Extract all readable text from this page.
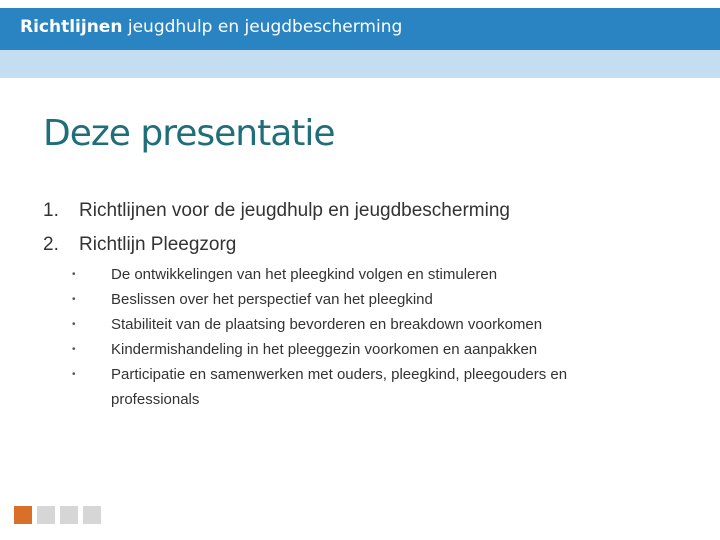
Richtlijnen jeugdhulp en jeugdbescherming
Deze presentatie
1. Richtlijnen voor de jeugdhulp en jeugdbescherming
2. Richtlijn Pleegzorg
•	De ontwikkelingen van het pleegkind volgen en stimuleren
•	Beslissen over het perspectief van het pleegkind
•	Stabiliteit van de plaatsing bevorderen en breakdown voorkomen
•	Kindermishandeling in het pleeggezin voorkomen en aanpakken
•	Participatie en samenwerken met ouders, pleegkind, pleegouders en professionals
